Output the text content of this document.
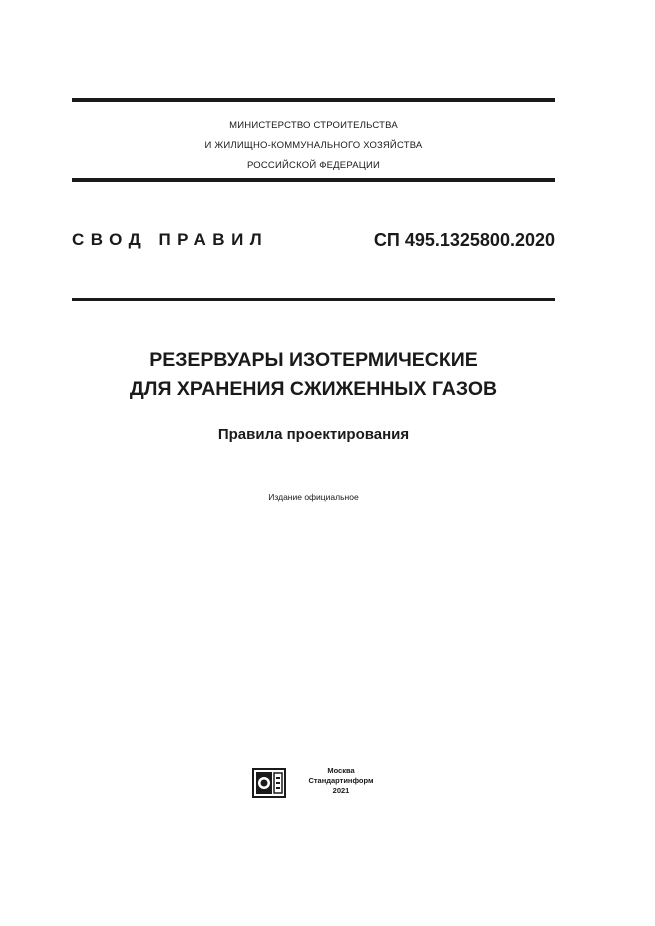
МИНИСТЕРСТВО СТРОИТЕЛЬСТВА
И ЖИЛИЩНО-КОММУНАЛЬНОГО ХОЗЯЙСТВА
РОССИЙСКОЙ ФЕДЕРАЦИИ
СВОД ПРАВИЛ	СП 495.1325800.2020
РЕЗЕРВУАРЫ ИЗОТЕРМИЧЕСКИЕ
ДЛЯ ХРАНЕНИЯ СЖИЖЕННЫХ ГАЗОВ
Правила проектирования
Издание официальное
Москва
Стандартинформ
2021
